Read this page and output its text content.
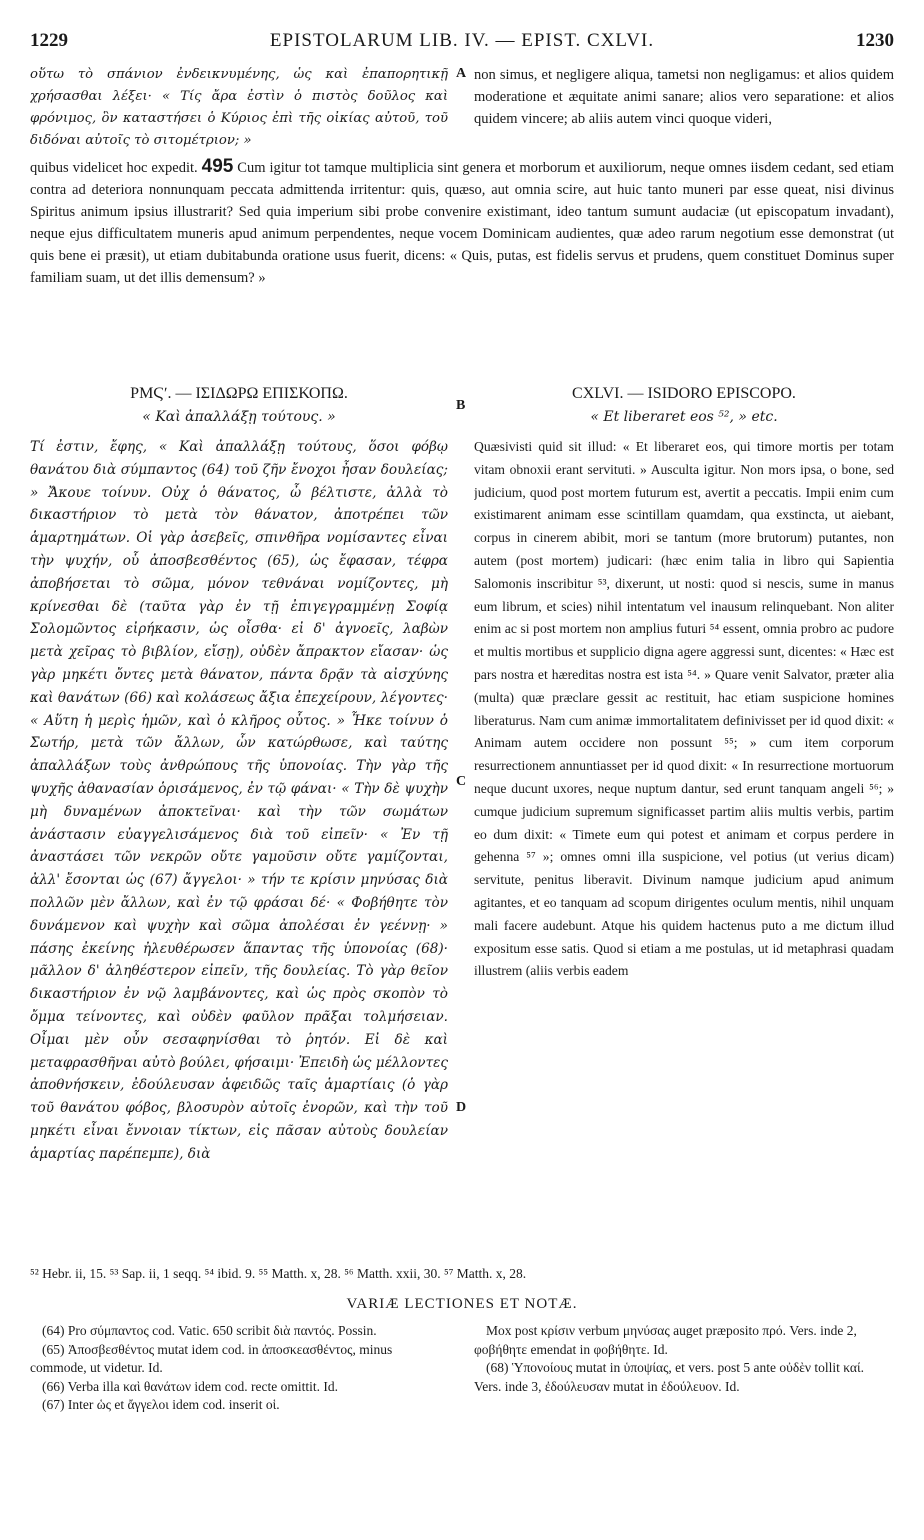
1229	EPISTOLARUM LIB. IV. — EPIST. CXLVI.	1230
οὕτω τὸ σπάνιον ἐνδεικνυμένης, ὡς καὶ ἐπαπορητικῇ χρήσασθαι λέξει· « Τίς ἄρα ἐστὶν ὁ πιστὸς δοῦλος καὶ φρόνιμος, ὃν καταστήσει ὁ Κύριος ἐπὶ τῆς οἰκίας αὐτοῦ, τοῦ διδόναι αὐτοῖς τὸ σιτομέτριον; »
A non simus, et negligere aliqua, tametsi non negligamus: et alios quidem moderatione et æquitate animi sanare; alios vero separatione: et alios quidem vincere; ab aliis autem vinci quoque videri,
quibus videlicet hoc expedit. 495 Cum igitur tot tamque multiplicia sint genera et morborum et auxiliorum, neque omnes iisdem cedant, sed etiam contra ad deteriora nonnunquam peccata admittenda irritentur: quis, quæso, aut omnia scire, aut huic tanto muneri par esse queat, nisi divinus Spiritus animum ipsius illustrarit? Sed quia imperium sibi probe convenire existimant, ideo tantum sumunt audaciæ (ut episcopatum invadant), neque ejus difficultatem muneris apud animum perpendentes, neque vocem Dominicam audientes, quæ adeo rarum negotium esse demonstrat (ut quis bene ei præsit), ut etiam dubitabunda oratione usus fuerit, dicens: « Quis, putas, est fidelis servus et prudens, quem constituet Dominus super familiam suam, ut det illis demensum? »
ΡΜϚʹ. — ΙΣΙΔΩΡΩ ΕΠΙΣΚΟΠΩ.
« Καὶ ἀπαλλάξῃ τούτους. »
CXLVI. — ISIDORO EPISCOPO.
« Et liberaret eos ⁵², » etc.
B
C
D
Τί ἐστιν, ἔφης, « Καὶ ἀπαλλάξῃ τούτους, ὅσοι φόβῳ θανάτου διὰ σύμπαντος (64) τοῦ ζῆν ἔνοχοι ἦσαν δουλείας; » Ἄκουε τοίνυν. Οὐχ ὁ θάνατος, ὦ βέλτιστε, ἀλλὰ τὸ δικαστήριον τὸ μετὰ τὸν θάνατον, ἀποτρέπει τῶν ἁμαρτημάτων. Οἱ γὰρ ἀσεβεῖς, σπινθῆρα νομίσαντες εἶναι τὴν ψυχήν, οὗ ἀποσβεσθέντος (65), ὡς ἔφασαν, τέφρα ἀποβήσεται τὸ σῶμα, μόνον τεθνάναι νομίζοντες, μὴ κρίνεσθαι δὲ (ταῦτα γὰρ ἐν τῇ ἐπιγεγραμμένῃ Σοφίᾳ Σολομῶντος εἰρήκασιν, ὡς οἶσθα· εἰ δ' ἀγνοεῖς, λαβὼν μετὰ χεῖρας τὸ βιβλίον, εἴσῃ), οὐδὲν ἄπρακτον εἴασαν· ὡς γὰρ μηκέτι ὄντες μετὰ θάνατον, πάντα δρᾷν τὰ αἰσχύνης καὶ θανάτων (66) καὶ κολάσεως ἄξια ἐπεχείρουν, λέγοντες· « Αὕτη ἡ μερὶς ἡμῶν, καὶ ὁ κλῆρος οὗτος. » Ἧκε τοίνυν ὁ Σωτήρ, μετὰ τῶν ἄλλων, ὧν κατώρθωσε, καὶ ταύτης ἀπαλλάξων τοὺς ἀνθρώπους τῆς ὑπονοίας. Τὴν γὰρ τῆς ψυχῆς ἀθανασίαν ὁρισάμενος, ἐν τῷ φάναι· « Τὴν δὲ ψυχὴν μὴ δυναμένων ἀποκτεῖναι· καὶ τὴν τῶν σωμάτων ἀνάστασιν εὐαγγελισάμενος διὰ τοῦ εἰπεῖν· « Ἐν τῇ ἀναστάσει τῶν νεκρῶν οὔτε γαμοῦσιν οὔτε γαμίζονται, ἀλλ' ἔσονται ὡς (67) ἄγγελοι· » τήν τε κρίσιν μηνύσας διὰ πολλῶν μὲν ἄλλων, καὶ ἐν τῷ φράσαι δέ· « Φοβήθητε τὸν δυνάμενον καὶ ψυχὴν καὶ σῶμα ἀπολέσαι ἐν γεέννῃ· » πάσης ἐκείνης ἠλευθέρωσεν ἅπαντας τῆς ὑπονοίας (68)· μᾶλλον δ' ἀληθέστερον εἰπεῖν, τῆς δουλείας. Τὸ γὰρ θεῖον δικαστήριον ἐν νῷ λαμβάνοντες, καὶ ὡς πρὸς σκοπὸν τὸ ὄμμα τείνοντες, καὶ οὐδὲν φαῦλον πρᾶξαι τολμήσειαν. Οἶμαι μὲν οὖν σεσαφηνίσθαι τὸ ῥητόν. Εἰ δὲ καὶ μεταφρασθῆναι αὐτὸ βούλει, φήσαιμι· Ἐπειδὴ ὡς μέλλοντες ἀποθνήσκειν, ἐδούλευσαν ἀφειδῶς ταῖς ἁμαρτίαις (ὁ γὰρ τοῦ θανάτου φόβος, βλοσυρὸν αὐτοῖς ἐνορῶν, καὶ τὴν τοῦ μηκέτι εἶναι ἔννοιαν τίκτων, εἰς πᾶσαν αὐτοὺς δουλείαν ἁμαρτίας παρέπεμπε), διὰ
Quæsivisti quid sit illud: « Et liberaret eos, qui timore mortis per totam vitam obnoxii erant servituti. » Ausculta igitur. Non mors ipsa, o bone, sed judicium, quod post mortem futurum est, avertit a peccatis. Impii enim cum existimarent animam esse scintillam quamdam, qua exstincta, ut aiebant, corpus in cinerem abibit, mori se tantum (more brutorum) putantes, non autem (post mortem) judicari: (hæc enim talia in libro qui Sapientia Salomonis inscribitur ⁵³, dixerunt, ut nosti: quod si nescis, sume in manus eum librum, et scies) nihil intentatum vel inausum relinquebant. Non aliter enim ac si post mortem non amplius futuri ⁵⁴ essent, omnia probro ac pudore et multis mortibus et supplicio digna agere aggressi sunt, dicentes: « Hæc est pars nostra et hæreditas nostra est ista ⁵⁴. » Quare venit Salvator, præter alia (multa) quæ præclare gessit ac restituit, hac etiam suspicione homines liberaturus. Nam cum animæ immortalitatem definivisset per id quod dixit: « Animam autem occidere non possunt ⁵⁵; » cum item corporum resurrectionem annuntiasset per id quod dixit: « In resurrectione mortuorum neque ducunt uxores, neque nuptum dantur, sed erunt tanquam angeli ⁵⁶; » cumque judicium supremum significasset partim aliis multis verbis, partim eo dum dixit: « Timete eum qui potest et animam et corpus perdere in gehenna ⁵⁷ »; omnes omni illa suspicione, vel potius (ut verius dicam) servitute, penitus liberavit. Divinum namque judicium apud animum agitantes, et eo tanquam ad scopum dirigentes oculum mentis, nihil unquam mali facere audebunt. Atque his quidem hactenus puto a me dictum illud expositum esse satis. Quod si etiam a me postulas, ut id metaphrasi quadam illustrem (aliis verbis eadem
⁵² Hebr. ii, 15. ⁵³ Sap. ii, 1 seqq. ⁵⁴ ibid. 9. ⁵⁵ Matth. x, 28. ⁵⁶ Matth. xxii, 30. ⁵⁷ Matth. x, 28.
VARIÆ LECTIONES ET NOTÆ.

(64) Pro σύμπαντος cod. Vatic. 650 scribit διὰ παντός. Possin.

(65) Ἀποσβεσθέντος mutat idem cod. in ἀποσκεασθέντος, minus commode, ut videtur. Id.

(66) Verba illa καὶ θανάτων idem cod. recte omittit. Id.

(67) Inter ὡς et ἄγγελοι idem cod. inserit οἱ.

Mox post κρίσιν verbum μηνύσας auget præposito πρό. Vers. inde 2, φοβήθητε emendat in φοβήθητε. Id.

(68) Ὑπονοίους mutat in ὑποψίας, et vers. post 5 ante οὐδὲν tollit καί. Vers. inde 3, ἐδούλευσαν mutat in ἐδούλευον. Id.
